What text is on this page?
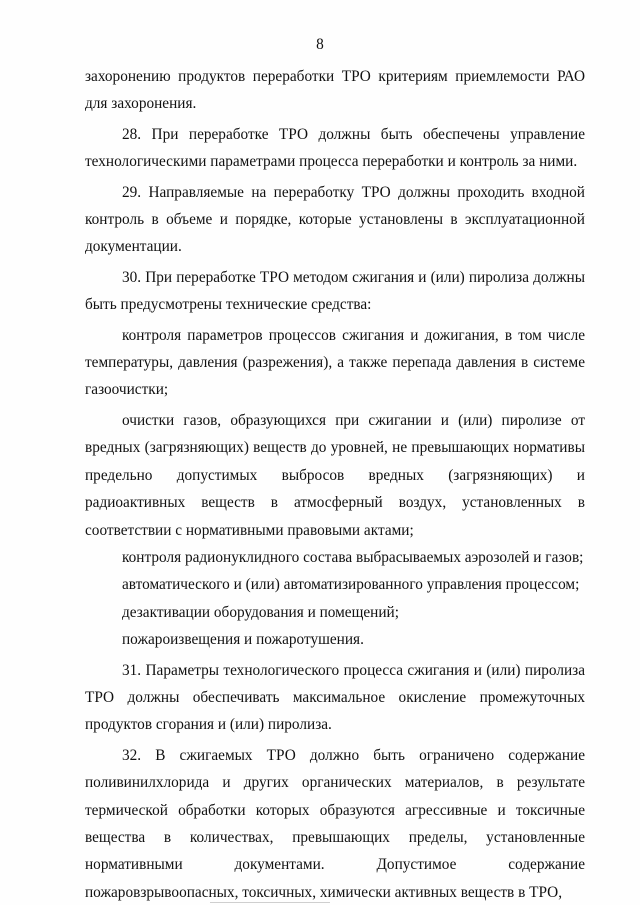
8

захоронению продуктов переработки ТРО критериям приемлемости РАО для захоронения.

28. При переработке ТРО должны быть обеспечены управление технологическими параметрами процесса переработки и контроль за ними.

29. Направляемые на переработку ТРО должны проходить входной контроль в объеме и порядке, которые установлены в эксплуатационной документации.

30. При переработке ТРО методом сжигания и (или) пиролиза должны быть предусмотрены технические средства:

контроля параметров процессов сжигания и дожигания, в том числе температуры, давления (разрежения), а также перепада давления в системе газоочистки;

очистки газов, образующихся при сжигании и (или) пиролизе от вредных (загрязняющих) веществ до уровней, не превышающих нормативы предельно допустимых выбросов вредных (загрязняющих) и радиоактивных веществ в атмосферный воздух, установленных в соответствии с нормативными правовыми актами;

контроля радионуклидного состава выбрасываемых аэрозолей и газов;

автоматического и (или) автоматизированного управления процессом;

дезактивации оборудования и помещений;

пожароизвещения и пожаротушения.

31. Параметры технологического процесса сжигания и (или) пиролиза ТРО должны обеспечивать максимальное окисление промежуточных продуктов сгорания и (или) пиролиза.

32. В сжигаемых ТРО должно быть ограничено содержание поливинилхлорида и других органических материалов, в результате термической обработки которых образуются агрессивные и токсичные вещества в количествах, превышающих пределы, установленные нормативными документами. Допустимое содержание пожаровзрывоопасных, токсичных, химически активных веществ в ТРО,
